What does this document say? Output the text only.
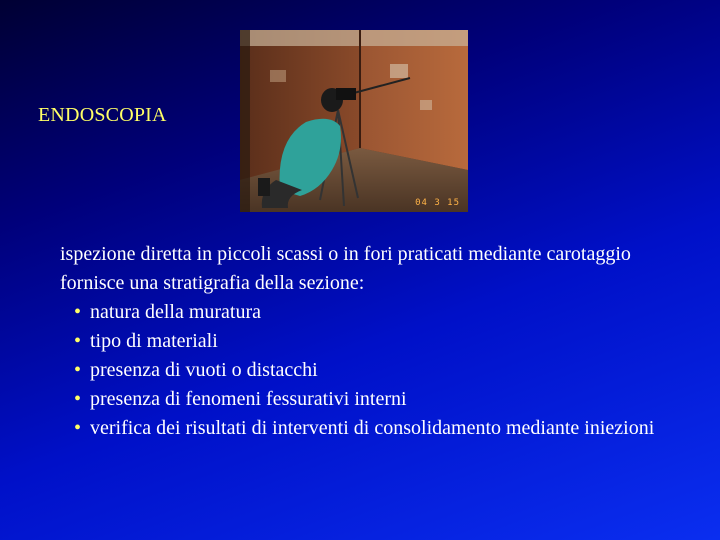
ENDOSCOPIA
04 3 15

ispezione diretta in piccoli scassi o in fori praticati mediante carotaggio fornisce una stratigrafia della sezione:

• natura della muratura
• tipo di materiali
• presenza di vuoti o distacchi
• presenza di fenomeni fessurativi interni
• verifica dei risultati di interventi di consolidamento mediante iniezioni
